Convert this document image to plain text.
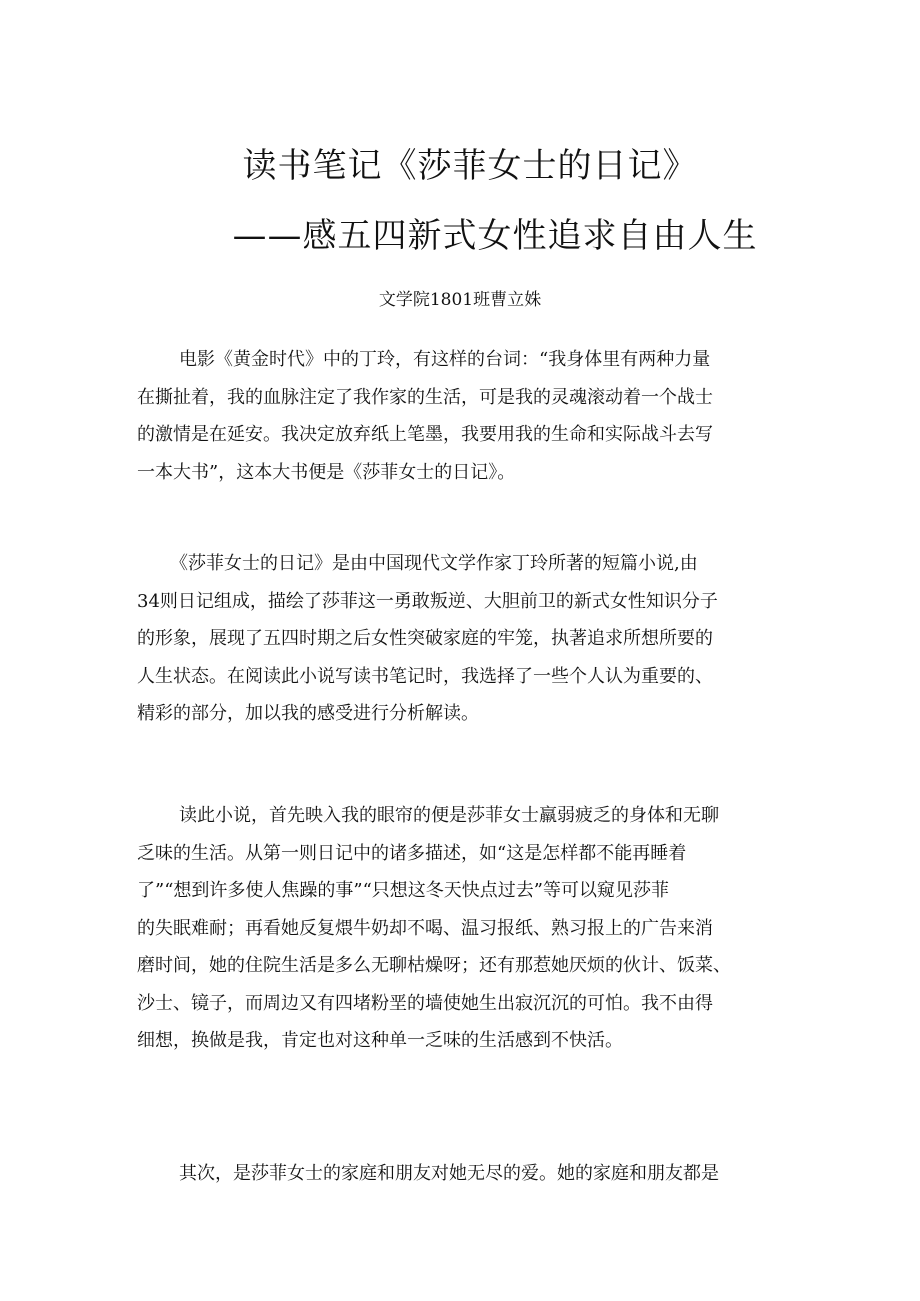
读书笔记《莎菲女士的日记》
——感五四新式女性追求自由人生
文学院1801班曹立姝
电影《黄金时代》中的丁玲，有这样的台词：“我身体里有两种力量
在撕扯着，我的血脉注定了我作家的生活，可是我的灵魂滚动着一个战士
的激情是在延安。我决定放弃纸上笔墨，我要用我的生命和实际战斗去写
一本大书”，这本大书便是《莎菲女士的日记》。
《莎菲女士的日记》是由中国现代文学作家丁玲所著的短篇小说,由
34则日记组成，描绘了莎菲这一勇敢叛逆、大胆前卫的新式女性知识分子
的形象，展现了五四时期之后女性突破家庭的牢笼，执著追求所想所要的
人生状态。在阅读此小说写读书笔记时，我选择了一些个人认为重要的、
精彩的部分，加以我的感受进行分析解读。
读此小说，首先映入我的眼帘的便是莎菲女士羸弱疲乏的身体和无聊
乏味的生活。从第一则日记中的诸多描述，如“这是怎样都不能再睡着
了”“想到许多使人焦躁的事”“只想这冬天快点过去”等可以窥见莎菲
的失眠难耐；再看她反复煨牛奶却不喝、温习报纸、熟习报上的广告来消
磨时间，她的住院生活是多么无聊枯燥呀；还有那惹她厌烦的伙计、饭菜、
沙士、镜子，而周边又有四堵粉垩的墙使她生出寂沉沉的可怕。我不由得
细想，换做是我，肯定也对这种单一乏味的生活感到不快活。
其次，是莎菲女士的家庭和朋友对她无尽的爱。她的家庭和朋友都是
